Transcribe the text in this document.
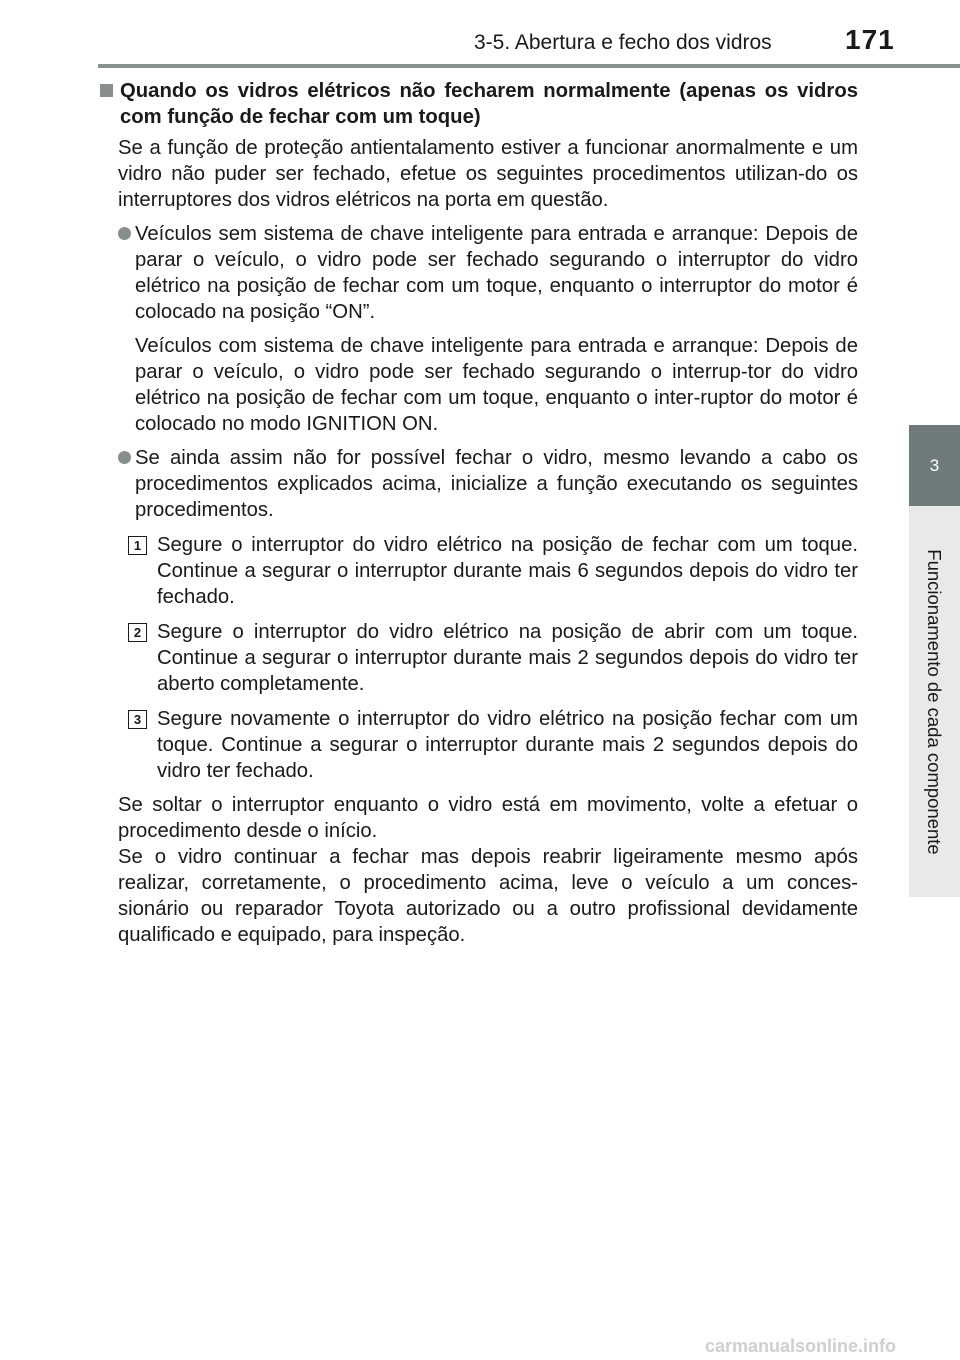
3-5. Abertura e fecho dos vidros	171
3
Funcionamento de cada componente
Quando os vidros elétricos não fecharem normalmente (apenas os vidros com função de fechar com um toque)

Se a função de proteção antientalamento estiver a funcionar anormalmente e um vidro não puder ser fechado, efetue os seguintes procedimentos utilizan-do os interruptores dos vidros elétricos na porta em questão.

Veículos sem sistema de chave inteligente para entrada e arranque: Depois de parar o veículo, o vidro pode ser fechado segurando o interruptor do vidro elétrico na posição de fechar com um toque, enquanto o interruptor do motor é colocado na posição “ON”.

Veículos com sistema de chave inteligente para entrada e arranque: Depois de parar o veículo, o vidro pode ser fechado segurando o interrup-tor do vidro elétrico na posição de fechar com um toque, enquanto o inter-ruptor do motor é colocado no modo IGNITION ON.

Se ainda assim não for possível fechar o vidro, mesmo levando a cabo os procedimentos explicados acima, inicialize a função executando os seguintes procedimentos.
1 Segure o interruptor do vidro elétrico na posição de fechar com um toque. Continue a segurar o interruptor durante mais 6 segundos depois do vidro ter fechado.
2 Segure o interruptor do vidro elétrico na posição de abrir com um toque. Continue a segurar o interruptor durante mais 2 segundos depois do vidro ter aberto completamente.
3 Segure novamente o interruptor do vidro elétrico na posição fechar com um toque. Continue a segurar o interruptor durante mais 2 segundos depois do vidro ter fechado.

Se soltar o interruptor enquanto o vidro está em movimento, volte a efetuar o procedimento desde o início.

Se o vidro continuar a fechar mas depois reabrir ligeiramente mesmo após realizar, corretamente, o procedimento acima, leve o veículo a um conces-sionário ou reparador Toyota autorizado ou a outro profissional devidamente qualificado e equipado, para inspeção.

carmanualsonline.info
